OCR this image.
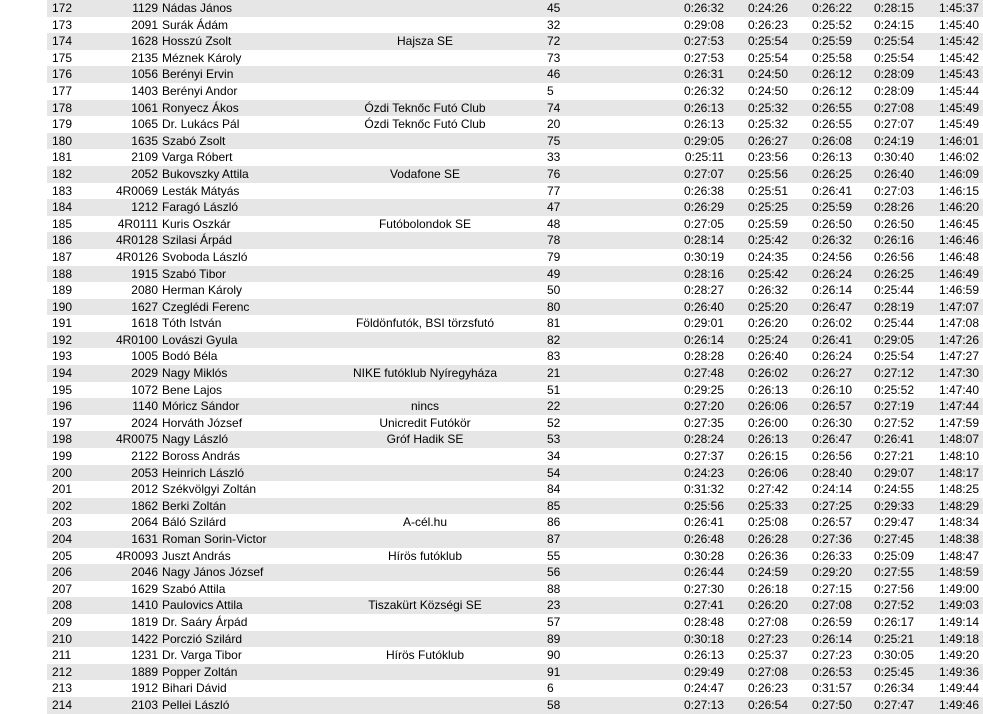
172	1129	Nádas János		45	0:26:32	0:24:26	0:26:22	0:28:15	1:45:37
173	2091	Surák Ádám		32	0:29:08	0:26:23	0:25:52	0:24:15	1:45:40
174	1628	Hosszú Zsolt	Hajsza SE	72	0:27:53	0:25:54	0:25:59	0:25:54	1:45:42
175	2135	Méznek Károly		73	0:27:53	0:25:54	0:25:58	0:25:54	1:45:42
176	1056	Berényi Ervin		46	0:26:31	0:24:50	0:26:12	0:28:09	1:45:43
177	1403	Berényi Andor		5	0:26:32	0:24:50	0:26:12	0:28:09	1:45:44
178	1061	Ronyecz Ákos	Ózdi Teknőc Futó Club	74	0:26:13	0:25:32	0:26:55	0:27:08	1:45:49
179	1065	Dr. Lukács Pál	Ózdi Teknőc Futó Club	20	0:26:13	0:25:32	0:26:55	0:27:07	1:45:49
180	1635	Szabó Zsolt		75	0:29:05	0:26:27	0:26:08	0:24:19	1:46:01
181	2109	Varga Róbert		33	0:25:11	0:23:56	0:26:13	0:30:40	1:46:02
182	2052	Bukovszky Attila	Vodafone SE	76	0:27:07	0:25:56	0:26:25	0:26:40	1:46:09
183	4R0069	Lesták Mátyás		77	0:26:38	0:25:51	0:26:41	0:27:03	1:46:15
184	1212	Faragó László		47	0:26:29	0:25:25	0:25:59	0:28:26	1:46:20
185	4R0111	Kuris Oszkár	Futóbolondok SE	48	0:27:05	0:25:59	0:26:50	0:26:50	1:46:45
186	4R0128	Szilasi Árpád		78	0:28:14	0:25:42	0:26:32	0:26:16	1:46:46
187	4R0126	Svoboda László		79	0:30:19	0:24:35	0:24:56	0:26:56	1:46:48
188	1915	Szabó Tibor		49	0:28:16	0:25:42	0:26:24	0:26:25	1:46:49
189	2080	Herman Károly		50	0:28:27	0:26:32	0:26:14	0:25:44	1:46:59
190	1627	Czeglédi Ferenc		80	0:26:40	0:25:20	0:26:47	0:28:19	1:47:07
191	1618	Tóth István	Földönfutók, BSI törzsfutó	81	0:29:01	0:26:20	0:26:02	0:25:44	1:47:08
192	4R0100	Lovászi Gyula		82	0:26:14	0:25:24	0:26:41	0:29:05	1:47:26
193	1005	Bodó Béla		83	0:28:28	0:26:40	0:26:24	0:25:54	1:47:27
194	2029	Nagy Miklós	NIKE futóklub Nyíregyháza	21	0:27:48	0:26:02	0:26:27	0:27:12	1:47:30
195	1072	Bene Lajos		51	0:29:25	0:26:13	0:26:10	0:25:52	1:47:40
196	1140	Móricz Sándor	nincs	22	0:27:20	0:26:06	0:26:57	0:27:19	1:47:44
197	2024	Horváth József	Unicredit Futókör	52	0:27:35	0:26:00	0:26:30	0:27:52	1:47:59
198	4R0075	Nagy László	Gróf Hadik SE	53	0:28:24	0:26:13	0:26:47	0:26:41	1:48:07
199	2122	Boross András		34	0:27:37	0:26:15	0:26:56	0:27:21	1:48:10
200	2053	Heinrich László		54	0:24:23	0:26:06	0:28:40	0:29:07	1:48:17
201	2012	Székvölgyi Zoltán		84	0:31:32	0:27:42	0:24:14	0:24:55	1:48:25
202	1862	Berki Zoltán		85	0:25:56	0:25:33	0:27:25	0:29:33	1:48:29
203	2064	Báló Szilárd	A-cél.hu	86	0:26:41	0:25:08	0:26:57	0:29:47	1:48:34
204	1631	Roman Sorin-Victor		87	0:26:48	0:26:28	0:27:36	0:27:45	1:48:38
205	4R0093	Juszt András	Hírös futóklub	55	0:30:28	0:26:36	0:26:33	0:25:09	1:48:47
206	2046	Nagy János József		56	0:26:44	0:24:59	0:29:20	0:27:55	1:48:59
207	1629	Szabó Attila		88	0:27:30	0:26:18	0:27:15	0:27:56	1:49:00
208	1410	Paulovics Attila	Tiszakürt Községi SE	23	0:27:41	0:26:20	0:27:08	0:27:52	1:49:03
209	1819	Dr. Saáry Árpád		57	0:28:48	0:27:08	0:26:59	0:26:17	1:49:14
210	1422	Porczió Szilárd		89	0:30:18	0:27:23	0:26:14	0:25:21	1:49:18
211	1231	Dr. Varga Tibor	Hírös Futóklub	90	0:26:13	0:25:37	0:27:23	0:30:05	1:49:20
212	1889	Popper Zoltán		91	0:29:49	0:27:08	0:26:53	0:25:45	1:49:36
213	1912	Bihari Dávid		6	0:24:47	0:26:23	0:31:57	0:26:34	1:49:44
214	2103	Pellei László		58	0:27:13	0:26:54	0:27:50	0:27:47	1:49:46
